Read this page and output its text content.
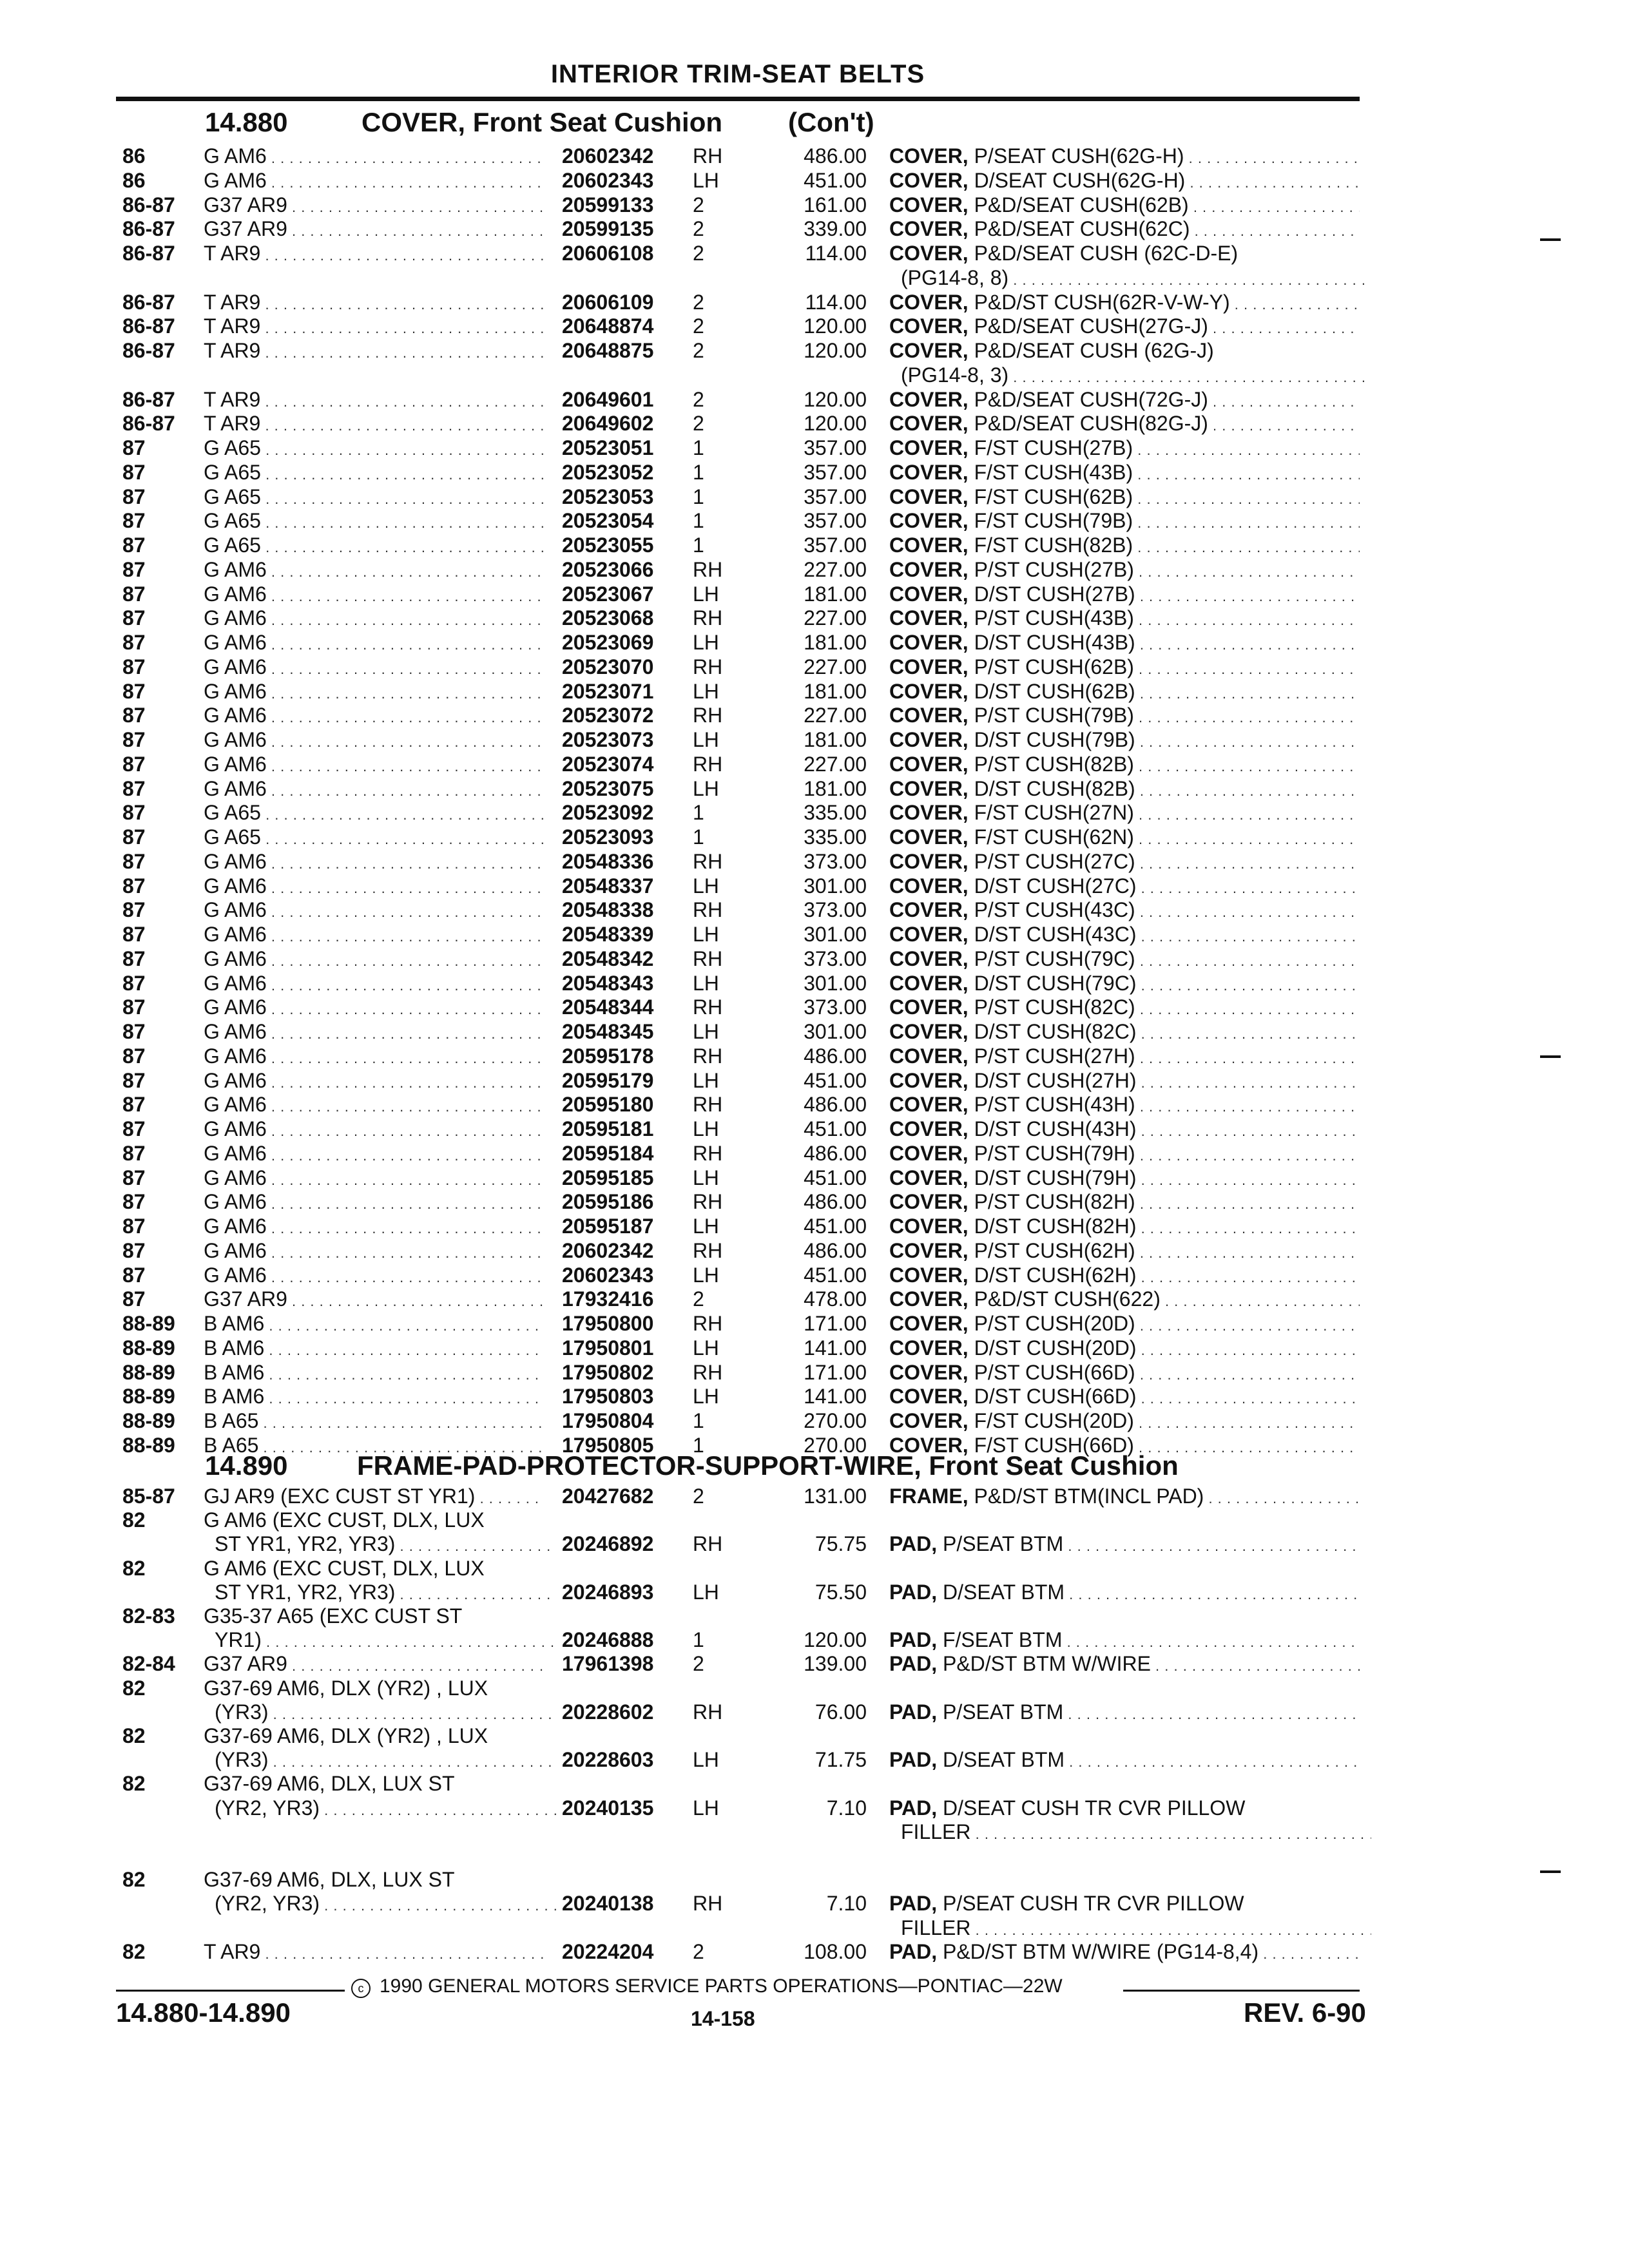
INTERIOR TRIM-SEAT BELTS
14.880	COVER, Front Seat Cushion (Con't)
86	G AM6 . . .	20602342 RH	486.00 COVER, P/SEAT CUSH(62G-H) . . .
86	G AM6 . . .	20602343 LH	451.00 COVER, D/SEAT CUSH(62G-H) . . .
86-87 G37 AR9 . . .	20599133 2	161.00 COVER, P&D/SEAT CUSH(62B) . . .
86-87 G37 AR9 . . .	20599135 2	339.00 COVER, P&D/SEAT CUSH(62C) . . .
86-87 T AR9 . . .	20606108 2	114.00 COVER, P&D/SEAT CUSH (62C-D-E)
(PG14-8, 8) . . .
86-87 T AR9 . . .	20606109 2	114.00 COVER, P&D/ST CUSH(62R-V-W-Y) . . .
86-87 T AR9 . . .	20648874 2	120.00 COVER, P&D/SEAT CUSH(27G-J) . . .
86-87 T AR9 . . .	20648875 2	120.00 COVER, P&D/SEAT CUSH (62G-J)
(PG14-8, 3) . . .
86-87 T AR9 . . .	20649601 2	120.00 COVER, P&D/SEAT CUSH(72G-J) . . .
86-87 T AR9 . . .	20649602 2	120.00 COVER, P&D/SEAT CUSH(82G-J) . . .
87	G A65 . . .	20523051 1	357.00 COVER, F/ST CUSH(27B) . . .
87	G A65 . . .	20523052 1	357.00 COVER, F/ST CUSH(43B) . . .
87	G A65 . . .	20523053 1	357.00 COVER, F/ST CUSH(62B) . . .
87	G A65 . . .	20523054 1	357.00 COVER, F/ST CUSH(79B) . . .
87	G A65 . . .	20523055 1	357.00 COVER, F/ST CUSH(82B) . . .
87	G AM6 . . .	20523066 RH	227.00 COVER, P/ST CUSH(27B) . . .
87	G AM6 . . .	20523067 LH	181.00 COVER, D/ST CUSH(27B) . . .
87	G AM6 . . .	20523068 RH	227.00 COVER, P/ST CUSH(43B) . . .
87	G AM6 . . .	20523069 LH	181.00 COVER, D/ST CUSH(43B) . . .
87	G AM6 . . .	20523070 RH	227.00 COVER, P/ST CUSH(62B) . . .
87	G AM6 . . .	20523071 LH	181.00 COVER, D/ST CUSH(62B) . . .
87	G AM6 . . .	20523072 RH	227.00 COVER, P/ST CUSH(79B) . . .
87	G AM6 . . .	20523073 LH	181.00 COVER, D/ST CUSH(79B) . . .
87	G AM6 . . .	20523074 RH	227.00 COVER, P/ST CUSH(82B) . . .
87	G AM6 . . .	20523075 LH	181.00 COVER, D/ST CUSH(82B) . . .
87	G A65 . . .	20523092 1	335.00 COVER, F/ST CUSH(27N) . . .
87	G A65 . . .	20523093 1	335.00 COVER, F/ST CUSH(62N) . . .
87	G AM6 . . .	20548336 RH	373.00 COVER, P/ST CUSH(27C) . . .
87	G AM6 . . .	20548337 LH	301.00 COVER, D/ST CUSH(27C) . . .
87	G AM6 . . .	20548338 RH	373.00 COVER, P/ST CUSH(43C) . . .
87	G AM6 . . .	20548339 LH	301.00 COVER, D/ST CUSH(43C) . . .
87	G AM6 . . .	20548342 RH	373.00 COVER, P/ST CUSH(79C) . . .
87	G AM6 . . .	20548343 LH	301.00 COVER, D/ST CUSH(79C) . . .
87	G AM6 . . .	20548344 RH	373.00 COVER, P/ST CUSH(82C) . . .
87	G AM6 . . .	20548345 LH	301.00 COVER, D/ST CUSH(82C) . . .
87	G AM6 . . .	20595178 RH	486.00 COVER, P/ST CUSH(27H) . . .
87	G AM6 . . .	20595179 LH	451.00 COVER, D/ST CUSH(27H) . . .
87	G AM6 . . .	20595180 RH	486.00 COVER, P/ST CUSH(43H) . . .
87	G AM6 . . .	20595181 LH	451.00 COVER, D/ST CUSH(43H) . . .
87	G AM6 . . .	20595184 RH	486.00 COVER, P/ST CUSH(79H) . . .
87	G AM6 . . .	20595185 LH	451.00 COVER, D/ST CUSH(79H) . . .
87	G AM6 . . .	20595186 RH	486.00 COVER, P/ST CUSH(82H) . . .
87	G AM6 . . .	20595187 LH	451.00 COVER, D/ST CUSH(82H) . . .
87	G AM6 . . .	20602342 RH	486.00 COVER, P/ST CUSH(62H) . . .
87	G AM6 . . .	20602343 LH	451.00 COVER, D/ST CUSH(62H) . . .
87	G37 AR9 . . .	17932416 2	478.00 COVER, P&D/ST CUSH(622) . . .
88-89 B AM6 . . .	17950800 RH	171.00 COVER, P/ST CUSH(20D) . . .
88-89 B AM6 . . .	17950801 LH	141.00 COVER, D/ST CUSH(20D) . . .
88-89 B AM6 . . .	17950802 RH	171.00 COVER, P/ST CUSH(66D) . . .
88-89 B AM6 . . .	17950803 LH	141.00 COVER, D/ST CUSH(66D) . . .
88-89 B A65 . . .	17950804 1	270.00 COVER, F/ST CUSH(20D) . . .
88-89 B A65 . . .	17950805 1	270.00 COVER, F/ST CUSH(66D) . . .
14.890	FRAME-PAD-PROTECTOR-SUPPORT-WIRE, Front Seat Cushion
85-87 GJ AR9 (EXC CUST ST YR1) . . .	20427682 2	131.00 FRAME, P&D/ST BTM(INCL PAD) . . .
82	G AM6 (EXC CUST, DLX, LUX
ST YR1, YR2, YR3) . . .	20246892 RH	75.75 PAD, P/SEAT BTM . . .
82	G AM6 (EXC CUST, DLX, LUX
ST YR1, YR2, YR3) . . .	20246893 LH	75.50 PAD, D/SEAT BTM . . .
82-83 G35-37 A65 (EXC CUST ST
YR1) . . .	20246888 1	120.00 PAD, F/SEAT BTM . . .
82-84 G37 AR9 . . .	17961398 2	139.00 PAD, P&D/ST BTM W/WIRE . . .
82	G37-69 AM6, DLX (YR2) , LUX
(YR3) . . .	20228602 RH	76.00 PAD, P/SEAT BTM . . .
82	G37-69 AM6, DLX (YR2) , LUX
(YR3) . . .	20228603 LH	71.75 PAD, D/SEAT BTM . . .
82	G37-69 AM6, DLX, LUX ST
(YR2, YR3) . . .	20240135 LH	7.10 PAD, D/SEAT CUSH TR CVR PILLOW
FILLER . . .
82	G37-69 AM6, DLX, LUX ST
(YR2, YR3) . . .	20240138 RH	7.10 PAD, P/SEAT CUSH TR CVR PILLOW
FILLER . . .
82	T AR9 . . .	20224204 2	108.00 PAD, P&D/ST BTM W/WIRE (PG14-8,4) . . .
c 1990 GENERAL MOTORS SERVICE PARTS OPERATIONS—PONTIAC—22W
14.880-14.890	14-158	REV. 6-90
